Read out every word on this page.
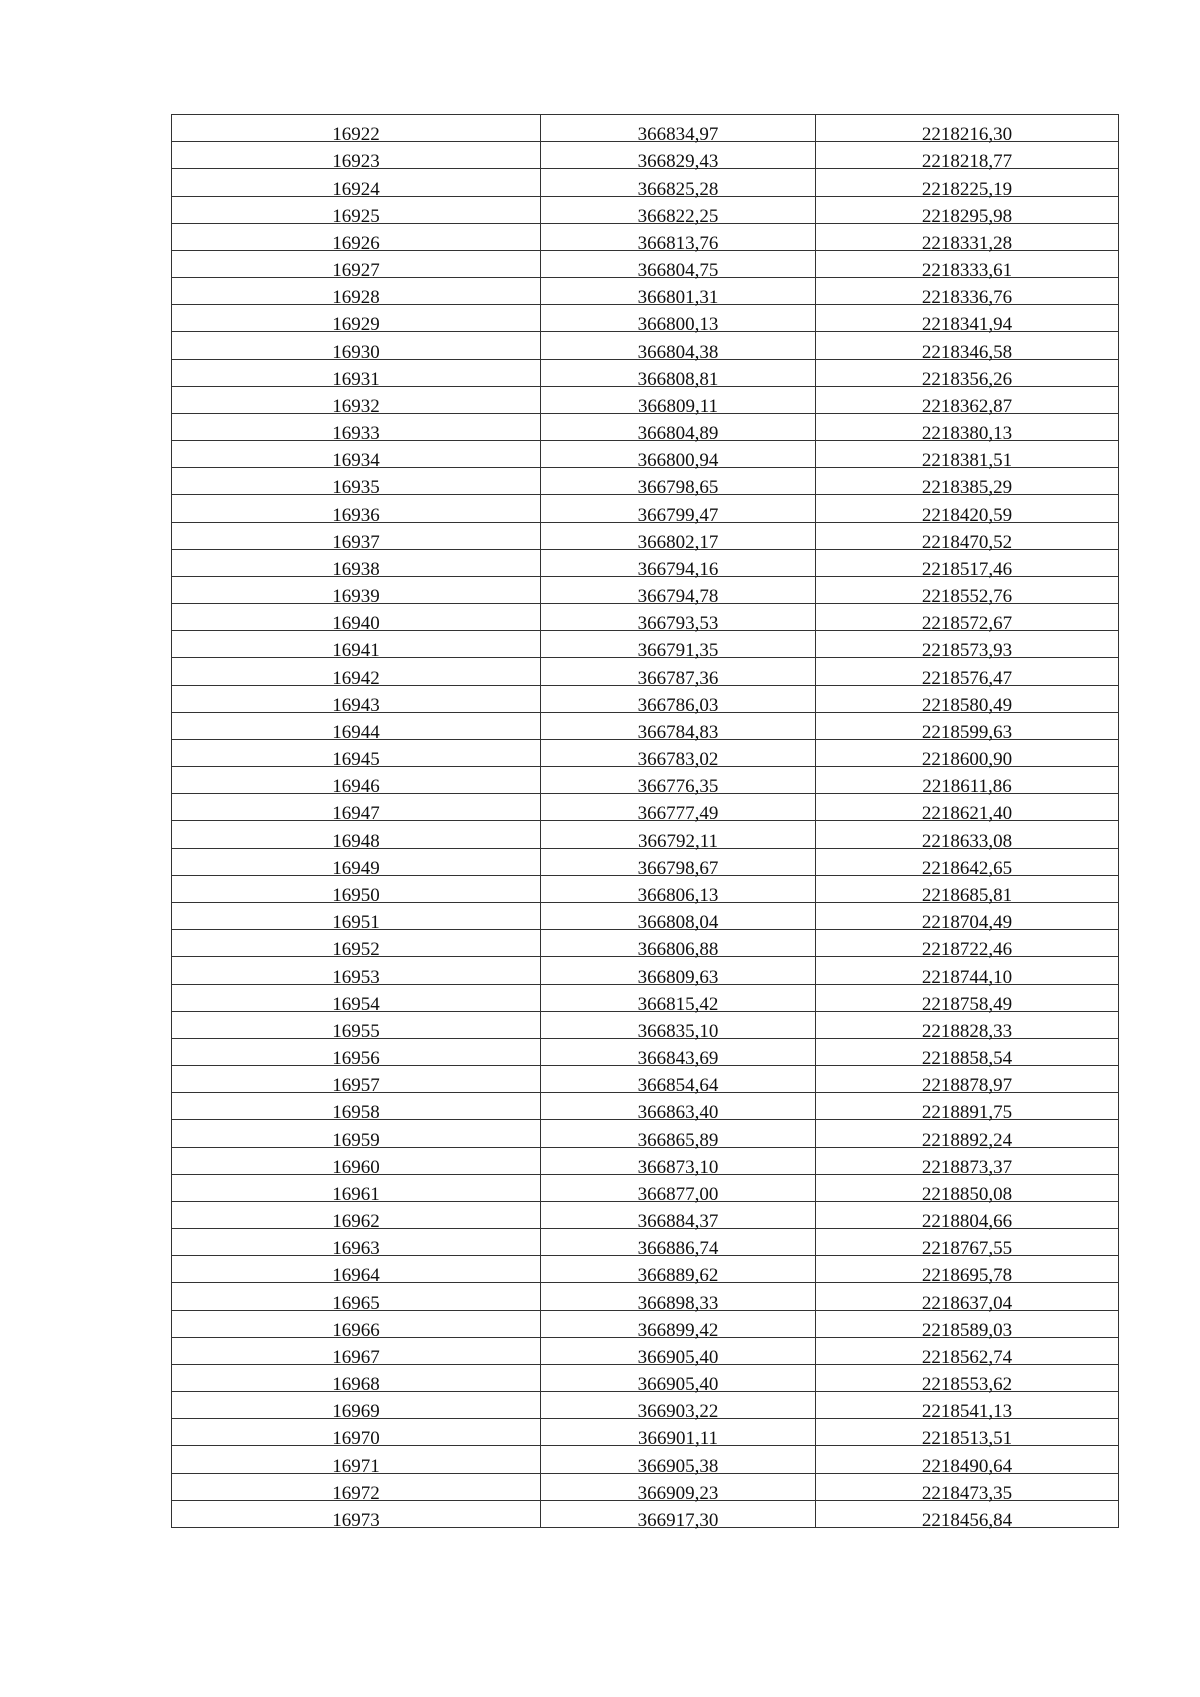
16922	366834,97	2218216,30
16923	366829,43	2218218,77
16924	366825,28	2218225,19
16925	366822,25	2218295,98
16926	366813,76	2218331,28
16927	366804,75	2218333,61
16928	366801,31	2218336,76
16929	366800,13	2218341,94
16930	366804,38	2218346,58
16931	366808,81	2218356,26
16932	366809,11	2218362,87
16933	366804,89	2218380,13
16934	366800,94	2218381,51
16935	366798,65	2218385,29
16936	366799,47	2218420,59
16937	366802,17	2218470,52
16938	366794,16	2218517,46
16939	366794,78	2218552,76
16940	366793,53	2218572,67
16941	366791,35	2218573,93
16942	366787,36	2218576,47
16943	366786,03	2218580,49
16944	366784,83	2218599,63
16945	366783,02	2218600,90
16946	366776,35	2218611,86
16947	366777,49	2218621,40
16948	366792,11	2218633,08
16949	366798,67	2218642,65
16950	366806,13	2218685,81
16951	366808,04	2218704,49
16952	366806,88	2218722,46
16953	366809,63	2218744,10
16954	366815,42	2218758,49
16955	366835,10	2218828,33
16956	366843,69	2218858,54
16957	366854,64	2218878,97
16958	366863,40	2218891,75
16959	366865,89	2218892,24
16960	366873,10	2218873,37
16961	366877,00	2218850,08
16962	366884,37	2218804,66
16963	366886,74	2218767,55
16964	366889,62	2218695,78
16965	366898,33	2218637,04
16966	366899,42	2218589,03
16967	366905,40	2218562,74
16968	366905,40	2218553,62
16969	366903,22	2218541,13
16970	366901,11	2218513,51
16971	366905,38	2218490,64
16972	366909,23	2218473,35
16973	366917,30	2218456,84
